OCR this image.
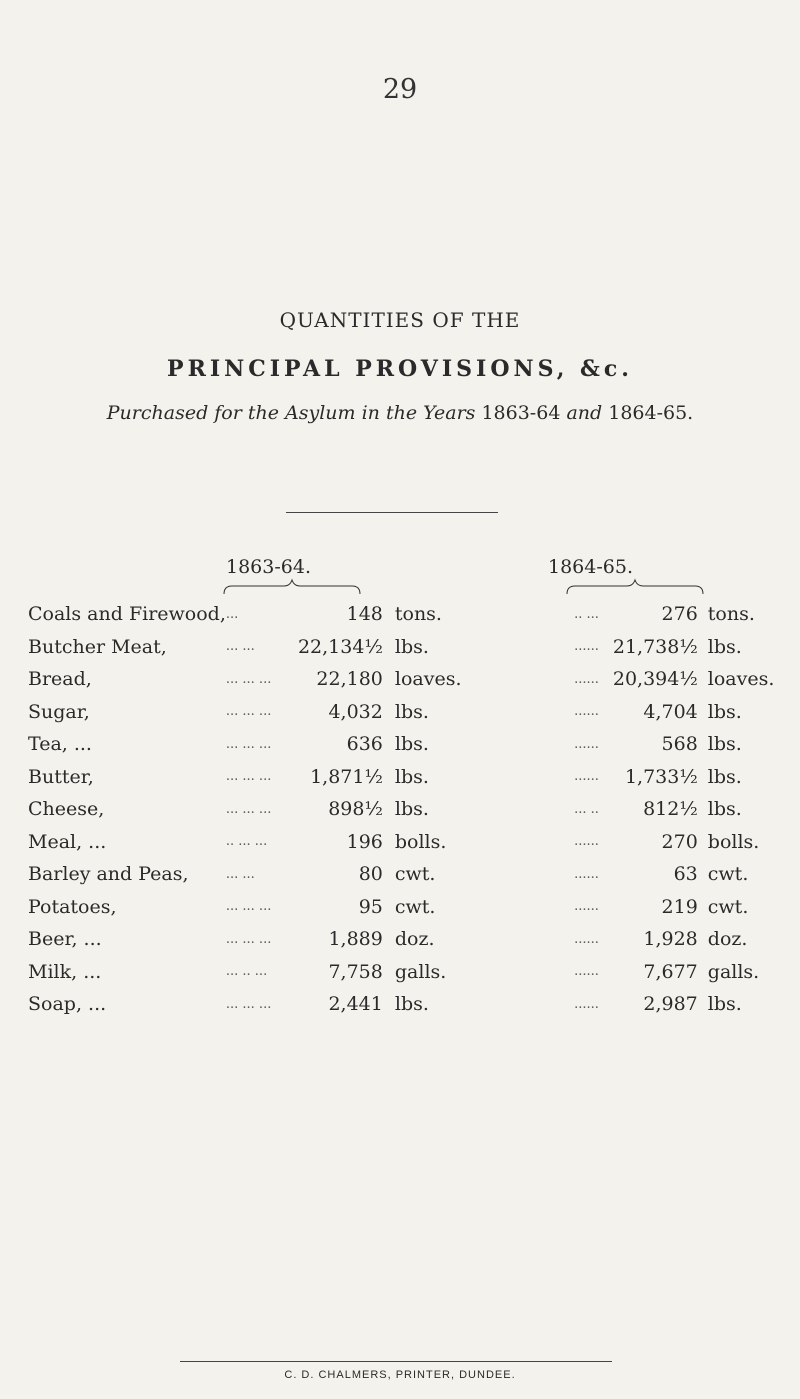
29
QUANTITIES OF THE
PRINCIPAL PROVISIONS, &c.
Purchased for the Asylum in the Years 1863-64 and 1864-65.
1863-64.	1864-65.
Coals and Firewood,	...	148	tons.	.. ...	276	tons.
Butcher Meat,	... ...	22,134½	lbs.	......	21,738½	lbs.
Bread,	... ... ...	22,180	loaves.	......	20,394½	loaves.
Sugar,	... ... ...	4,032	lbs.	......	4,704	lbs.
Tea, ...	... ... ...	636	lbs.	......	568	lbs.
Butter,	... ... ...	1,871½	lbs.	......	1,733½	lbs.
Cheese,	... ... ...	898½	lbs.	... ..	812½	lbs.
Meal, ...	.. ... ...	196	bolls.	......	270	bolls.
Barley and Peas,	... ...	80	cwt.	......	63	cwt.
Potatoes,	... ... ...	95	cwt.	......	219	cwt.
Beer, ...	... ... ...	1,889	doz.	......	1,928	doz.
Milk, ...	... .. ...	7,758	galls.	......	7,677	galls.
Soap, ...	... ... ...	2,441	lbs.	......	2,987	lbs.
C. D. CHALMERS, PRINTER, DUNDEE.
